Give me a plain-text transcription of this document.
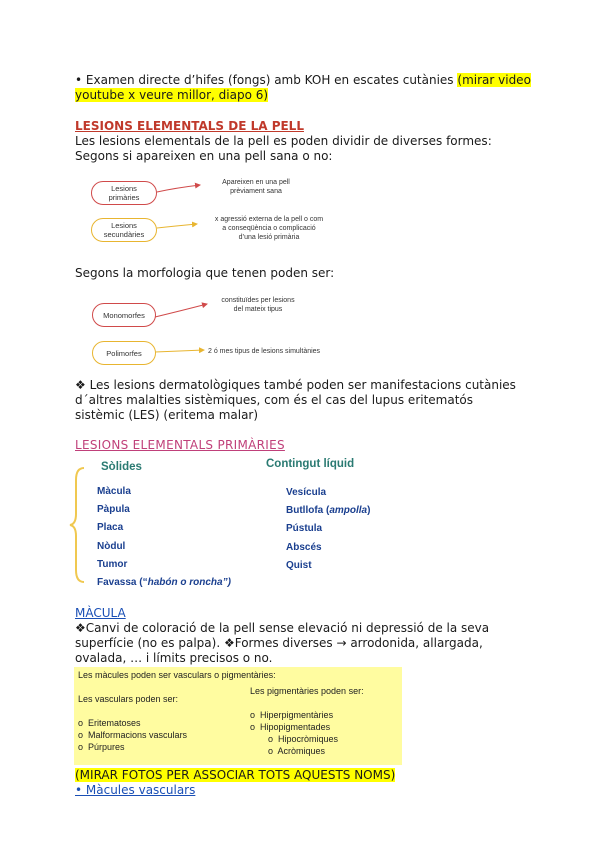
• Examen directe d’hifes (fongs) amb KOH en escates cutànies (mirar video
youtube x veure millor, diapo 6)
LESIONS ELEMENTALS DE LA PELL
Les lesions elementals de la pell es poden dividir de diverses formes:
Segons si apareixen en una pell sana o no:
Lesions
primàries
Lesions
secundàries
Apareixen en una pell
prèviament sana
x agressió externa de la pell o com
a conseqüència o complicació
d’una lesió primària
Segons la morfologia que tenen poden ser:
Monomorfes
Polimorfes
constituïdes per lesions
del mateix tipus
2 ó mes tipus de lesions simultànies
❖ Les lesions dermatològiques també poden ser manifestacions cutànies
d´altres malalties sistèmiques, com és el cas del lupus eritematós
sistèmic (LES) (eritema malar)
LESIONS ELEMENTALS PRIMÀRIES
Sòlides	Contingut líquid
Màcula
Pàpula
Placa
Nòdul
Tumor
Favassa (“habón o roncha”)
Vesícula
Butllofa (ampolla)
Pústula
Abscés
Quist
MÀCULA
❖Canvi de coloració de la pell sense elevació ni depressió de la seva
superfície (no es palpa). ❖Formes diverses → arrodonida, allargada,
ovalada, … i límits precisos o no.
Les màcules poden ser vasculars o pigmentàries:
Les vasculars poden ser:
o Eritematoses
o Malformacions vasculars
o Púrpures
Les pigmentàries poden ser:
o Hiperpigmentàries
o Hipopigmentades
o Hipocròmiques
o Acròmiques
(MIRAR FOTOS PER ASSOCIAR TOTS AQUESTS NOMS)
• Màcules vasculars
